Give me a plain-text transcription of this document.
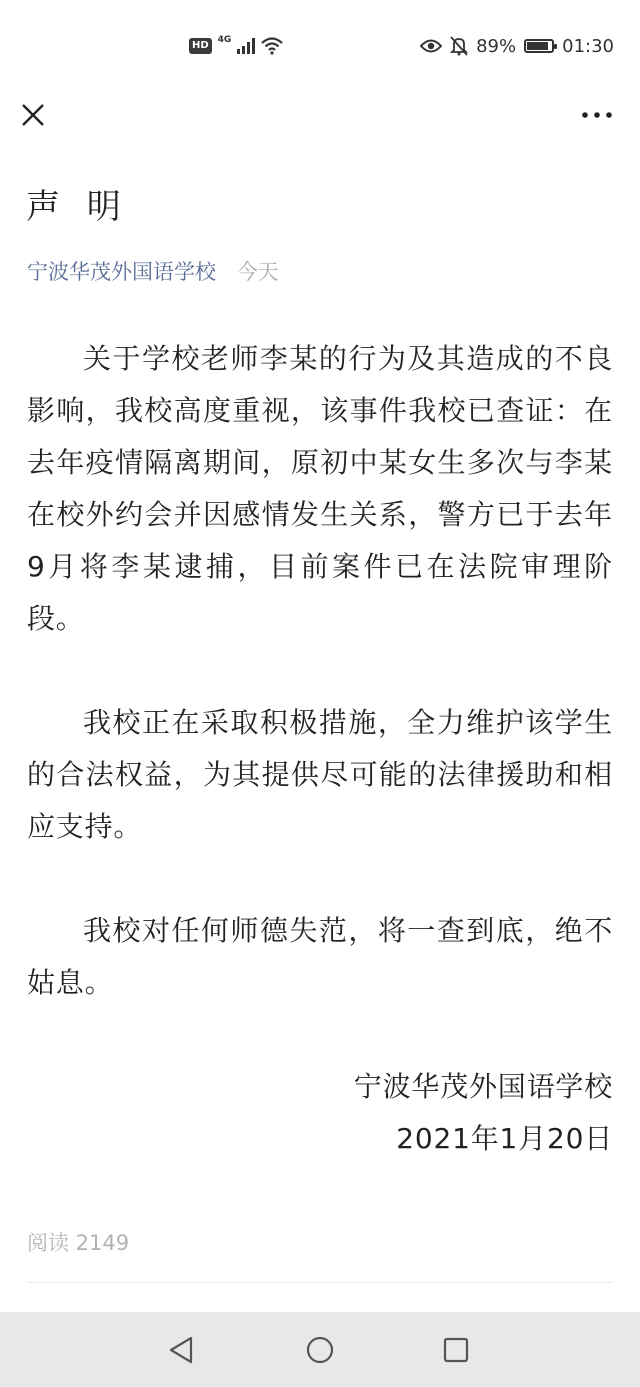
HD	4G	89%	01:30
声 明
宁波华茂外国语学校 今天

关于学校老师李某的行为及其造成的不良影响，我校高度重视，该事件我校已查证：在去年疫情隔离期间，原初中某女生多次与李某在校外约会并因感情发生关系，警方已于去年9月将李某逮捕，目前案件已在法院审理阶段。

我校正在采取积极措施，全力维护该学生的合法权益，为其提供尽可能的法律援助和相应支持。

我校对任何师德失范，将一查到底，绝不姑息。

宁波华茂外国语学校
2021年1月20日

阅读 2149
